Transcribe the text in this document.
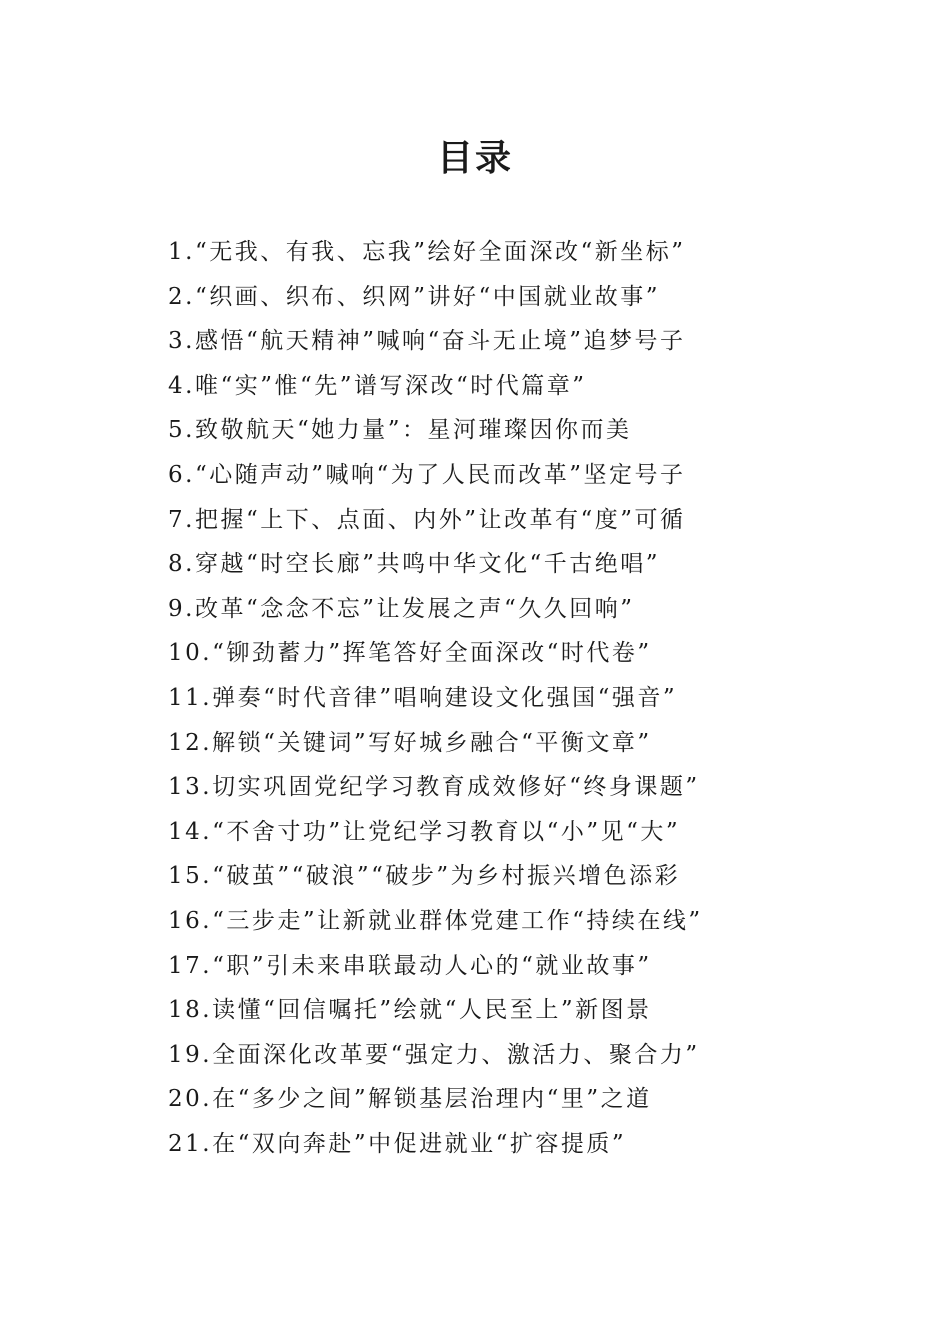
目录
1.“无我、有我、忘我”绘好全面深改“新坐标”
2.“织画、织布、织网”讲好“中国就业故事”
3.感悟“航天精神”喊响“奋斗无止境”追梦号子
4.唯“实”惟“先”谱写深改“时代篇章”
5.致敬航天“她力量”：星河璀璨因你而美
6.“心随声动”喊响“为了人民而改革”坚定号子
7.把握“上下、点面、内外”让改革有“度”可循
8.穿越“时空长廊”共鸣中华文化“千古绝唱”
9.改革“念念不忘”让发展之声“久久回响”
10.“铆劲蓄力”挥笔答好全面深改“时代卷”
11.弹奏“时代音律”唱响建设文化强国“强音”
12.解锁“关键词”写好城乡融合“平衡文章”
13.切实巩固党纪学习教育成效修好“终身课题”
14.“不舍寸功”让党纪学习教育以“小”见“大”
15.“破茧”“破浪”“破步”为乡村振兴增色添彩
16.“三步走”让新就业群体党建工作“持续在线”
17.“职”引未来串联最动人心的“就业故事”
18.读懂“回信嘱托”绘就“人民至上”新图景
19.全面深化改革要“强定力、激活力、聚合力”
20.在“多少之间”解锁基层治理内“里”之道
21.在“双向奔赴”中促进就业“扩容提质”
